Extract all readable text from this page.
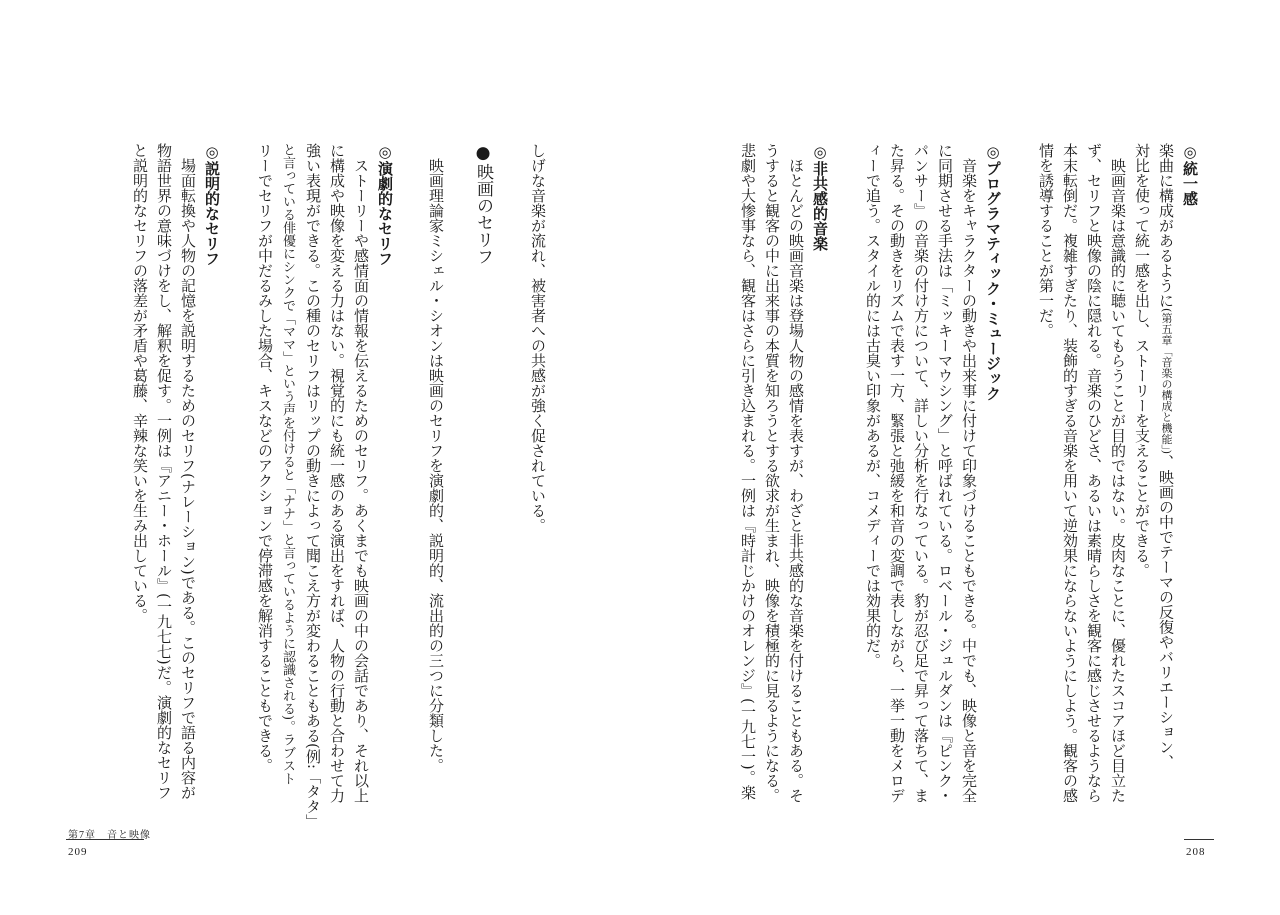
◎統一感
楽曲に構成があるように(第五章「音楽の構成と機能」)、映画の中でテーマの反復やバリエーション、
対比を使って統一感を出し、ストーリーを支えることができる。
　映画音楽は意識的に聴いてもらうことが目的ではない。皮肉なことに、優れたスコアほど目立た
ず、セリフと映像の陰に隠れる。音楽のひどさ、あるいは素晴らしさを観客に感じさせるようなら
本末転倒だ。複雑すぎたり、装飾的すぎる音楽を用いて逆効果にならないようにしよう。観客の感
情を誘導することが第一だ。
◎プログラマティック・ミュージック
　音楽をキャラクターの動きや出来事に付けて印象づけることもできる。中でも、映像と音を完全
に同期させる手法は「ミッキーマウシング」と呼ばれている。ロベール・ジュルダンは『ピンク・
パンサー』の音楽の付け方について、詳しい分析を行なっている。豹が忍び足で昇って落ちて、ま
た昇る。その動きをリズムで表す一方、緊張と弛緩を和音の変調で表しながら、一挙一動をメロデ
ィーで追う。スタイル的には古臭い印象があるが、コメディーでは効果的だ。
◎非共感的音楽
　ほとんどの映画音楽は登場人物の感情を表すが、わざと非共感的な音楽を付けることもある。そ
うすると観客の中に出来事の本質を知ろうとする欲求が生まれ、映像を積極的に見るようになる。
悲劇や大惨事なら、観客はさらに引き込まれる。一例は『時計じかけのオレンジ』(一九七一)。楽
208
しげな音楽が流れ、被害者への共感が強く促されている。
●映画のセリフ
　映画理論家ミシェル・シオンは映画のセリフを演劇的、説明的、流出的の三つに分類した。
◎演劇的なセリフ
　ストーリーや感情面の情報を伝えるためのセリフ。あくまでも映画の中の会話であり、それ以上
に構成や映像を変える力はない。視覚的にも統一感のある演出をすれば、人物の行動と合わせて力
強い表現ができる。この種のセリフはリップの動きによって聞こえ方が変わることもある(例:「タタ」
と言っている俳優にシンクで「ママ」という声を付けると「ナナ」と言っているように認識される)。ラブスト
リーでセリフが中だるみした場合、キスなどのアクションで停滞感を解消することもできる。
◎説明的なセリフ
　場面転換や人物の記憶を説明するためのセリフ(ナレーション)である。このセリフで語る内容が
物語世界の意味づけをし、解釈を促す。一例は『アニー・ホール』(一九七七)だ。演劇的なセリフ
と説明的なセリフの落差が矛盾や葛藤、辛辣な笑いを生み出している。
第7章　音と映像
209
